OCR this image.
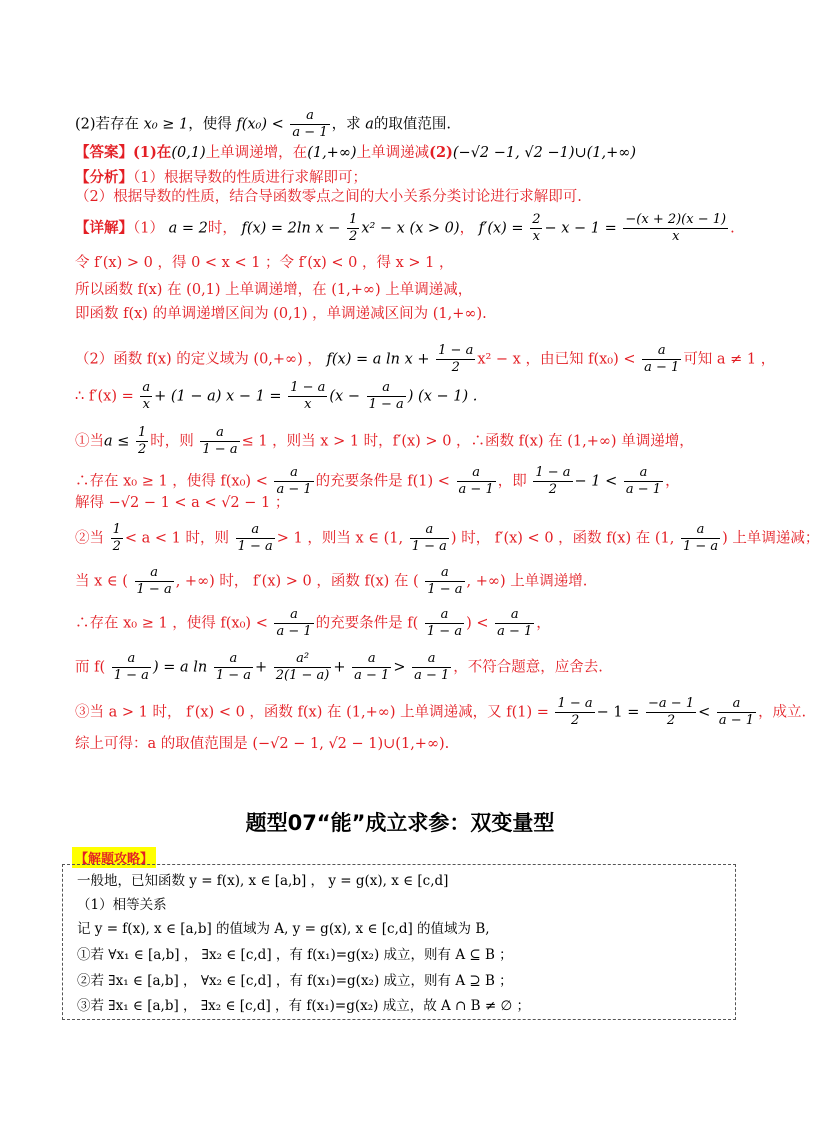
(2)若存在 x₀ ≥ 1，使得 $f(x_0) < \frac{a}{a - 1}$ ，求 a的取值范围.
【答案】(1)在(0,1)上单调递增，在(1,+∞)上单调递减(2)(−√2 −1, √2 −1)∪(1,+∞)
【分析】（1）根据导数的性质进行求解即可；
（2）根据导数的性质，结合导函数零点之间的大小关系分类讨论进行求解即可.
【详解】（1） a = 2时， f(x) = 2ln $x - \frac{1}{2} x^2 - x$ (x > 0)， $f'(x) = \frac{2}{x} - x - 1 = \frac{-(x + 2)(x - 1)}{x}$ .
令 f′(x) > 0 ，得 0 < x < 1 ；令 f′(x) < 0 ，得 x > 1 ，
所以函数 f(x) 在 (0,1) 上单调递增，在 (1,+∞) 上单调递减，
即函数 f(x) 的单调递增区间为 (0,1) ，单调递减区间为 (1,+∞).
（2）函数 f(x) 的定义域为 (0,+∞) ， f(x) = a $\ln x + \frac{1 - a}{2} x^2 - x$ ，由已知 $f(x_0) < \frac{a}{a - 1}$ 可知 a ≠ 1 ，
∴ $f'(x) = \frac{a}{x} + (1 - a) x - 1 = \frac{1 - a}{x} (x - \frac{a}{1 - a}$ ) (x − 1) .
①当$a \le \frac{1}{2}$ 时，则 $\frac{a}{1 - a} \le 1$ ，则当 x > 1 时，f′(x) > 0 ，∴函数 f(x) 在 (1,+∞) 单调递增，
∴存在 x₀ ≥ 1 ，使得 $f(x_0) < \frac{a}{a - 1}$ 的充要条件是 $f(1) < \frac{a}{a - 1}$ ，即 $\frac{1 - a}{2} - 1 < \frac{a}{a - 1}$ ，
解得 −√2 − 1 < a < √2 − 1 ；
②当 $\frac{1}{2} < a < 1$ 时，则 $\frac{a}{1 - a} > 1$ ，则当 x ∈ (1, $\frac{a}{1 - a}$ ) 时， f′(x) < 0 ，函数 f(x) 在 (1, $\frac{a}{1 - a}$ ) 上单调递减；
当 x ∈ ( $\frac{a}{1 - a}$ , +∞) 时， f′(x) > 0 ，函数 f(x) 在 ( $\frac{a}{1 - a}$ , +∞) 上单调递增.
∴存在 x₀ ≥ 1 ，使得 $f(x_0) < \frac{a}{a - 1}$ 的充要条件是 $f( \frac{a}{1 - a}$ ) < $\frac{a}{a - 1}$ ，
而 $f( \frac{a}{1 - a}$ ) = a $\ln \frac{a}{1 - a} + \frac{\text{a²}}{2(1 - a)} + \frac{a}{a - 1} > \frac{a}{a - 1}$ ，不符合题意，应舍去.
③当 a > 1 时， f′(x) < 0 ，函数 f(x) 在 (1,+∞) 上单调递减，又 $f(1) = \frac{1 - a}{2} - 1 = \frac{-a - 1}{2} < \frac{a}{a - 1}$ ，成立.
综上可得：a 的取值范围是 (−√2 − 1, √2 − 1)∪(1,+∞).
题型07“能”成立求参：双变量型
【解题攻略】
一般地，已知函数 y = f(x), x ∈ [a,b] ， y = g(x), x ∈ [c,d]
（1）相等关系
记 y = f(x), x ∈ [a,b] 的值域为 A, y = g(x), x ∈ [c,d] 的值域为 B,
①若 ∀x₁ ∈ [a,b] ， ∃x₂ ∈ [c,d] ，有 f(x₁)=g(x₂) 成立，则有 A ⊆ B ；
②若 ∃x₁ ∈ [a,b] ， ∀x₂ ∈ [c,d] ，有 f(x₁)=g(x₂) 成立，则有 A ⊇ B ；
③若 ∃x₁ ∈ [a,b] ， ∃x₂ ∈ [c,d] ，有 f(x₁)=g(x₂) 成立，故 A ∩ B ≠ ∅ ；
